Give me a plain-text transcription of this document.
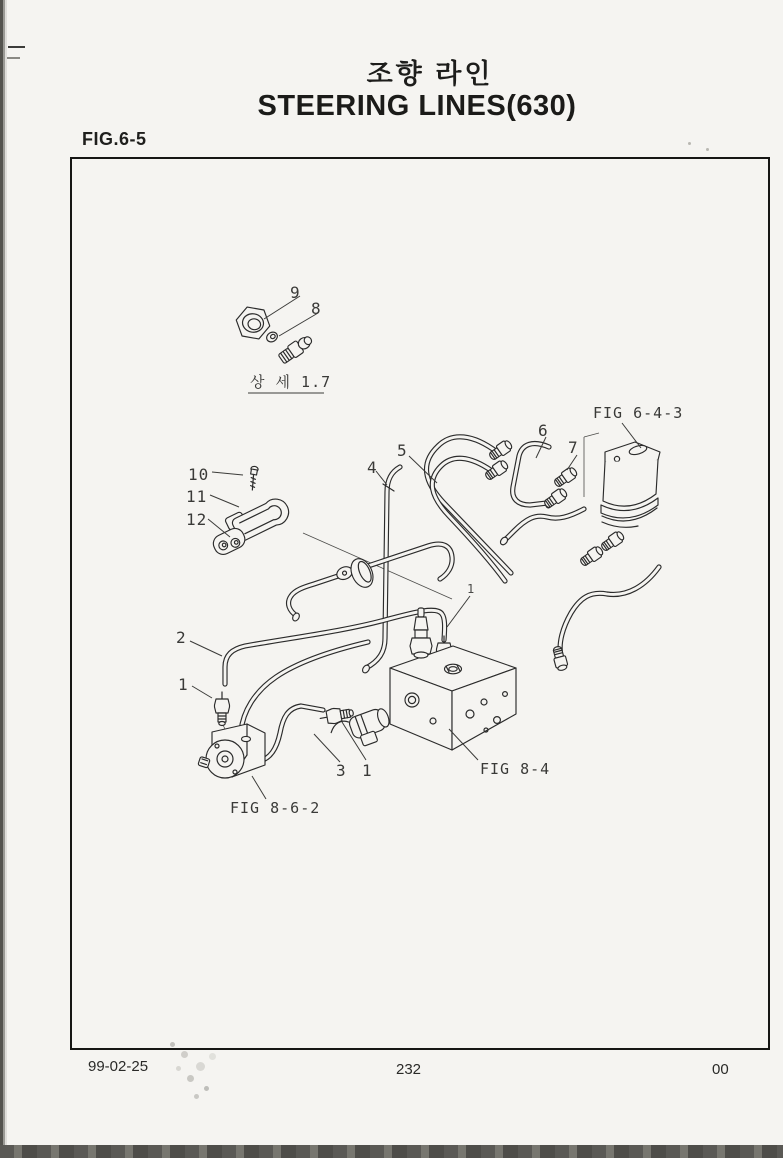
조향 라인
STEERING LINES(630)
FIG.6-5
9
8
상 세 1.7
10
11
12
FIG 6-4-3
7
6
5
4
3 1	FIG 8-4
1
2
1
FIG 8-6-2
99-02-25	232	00
